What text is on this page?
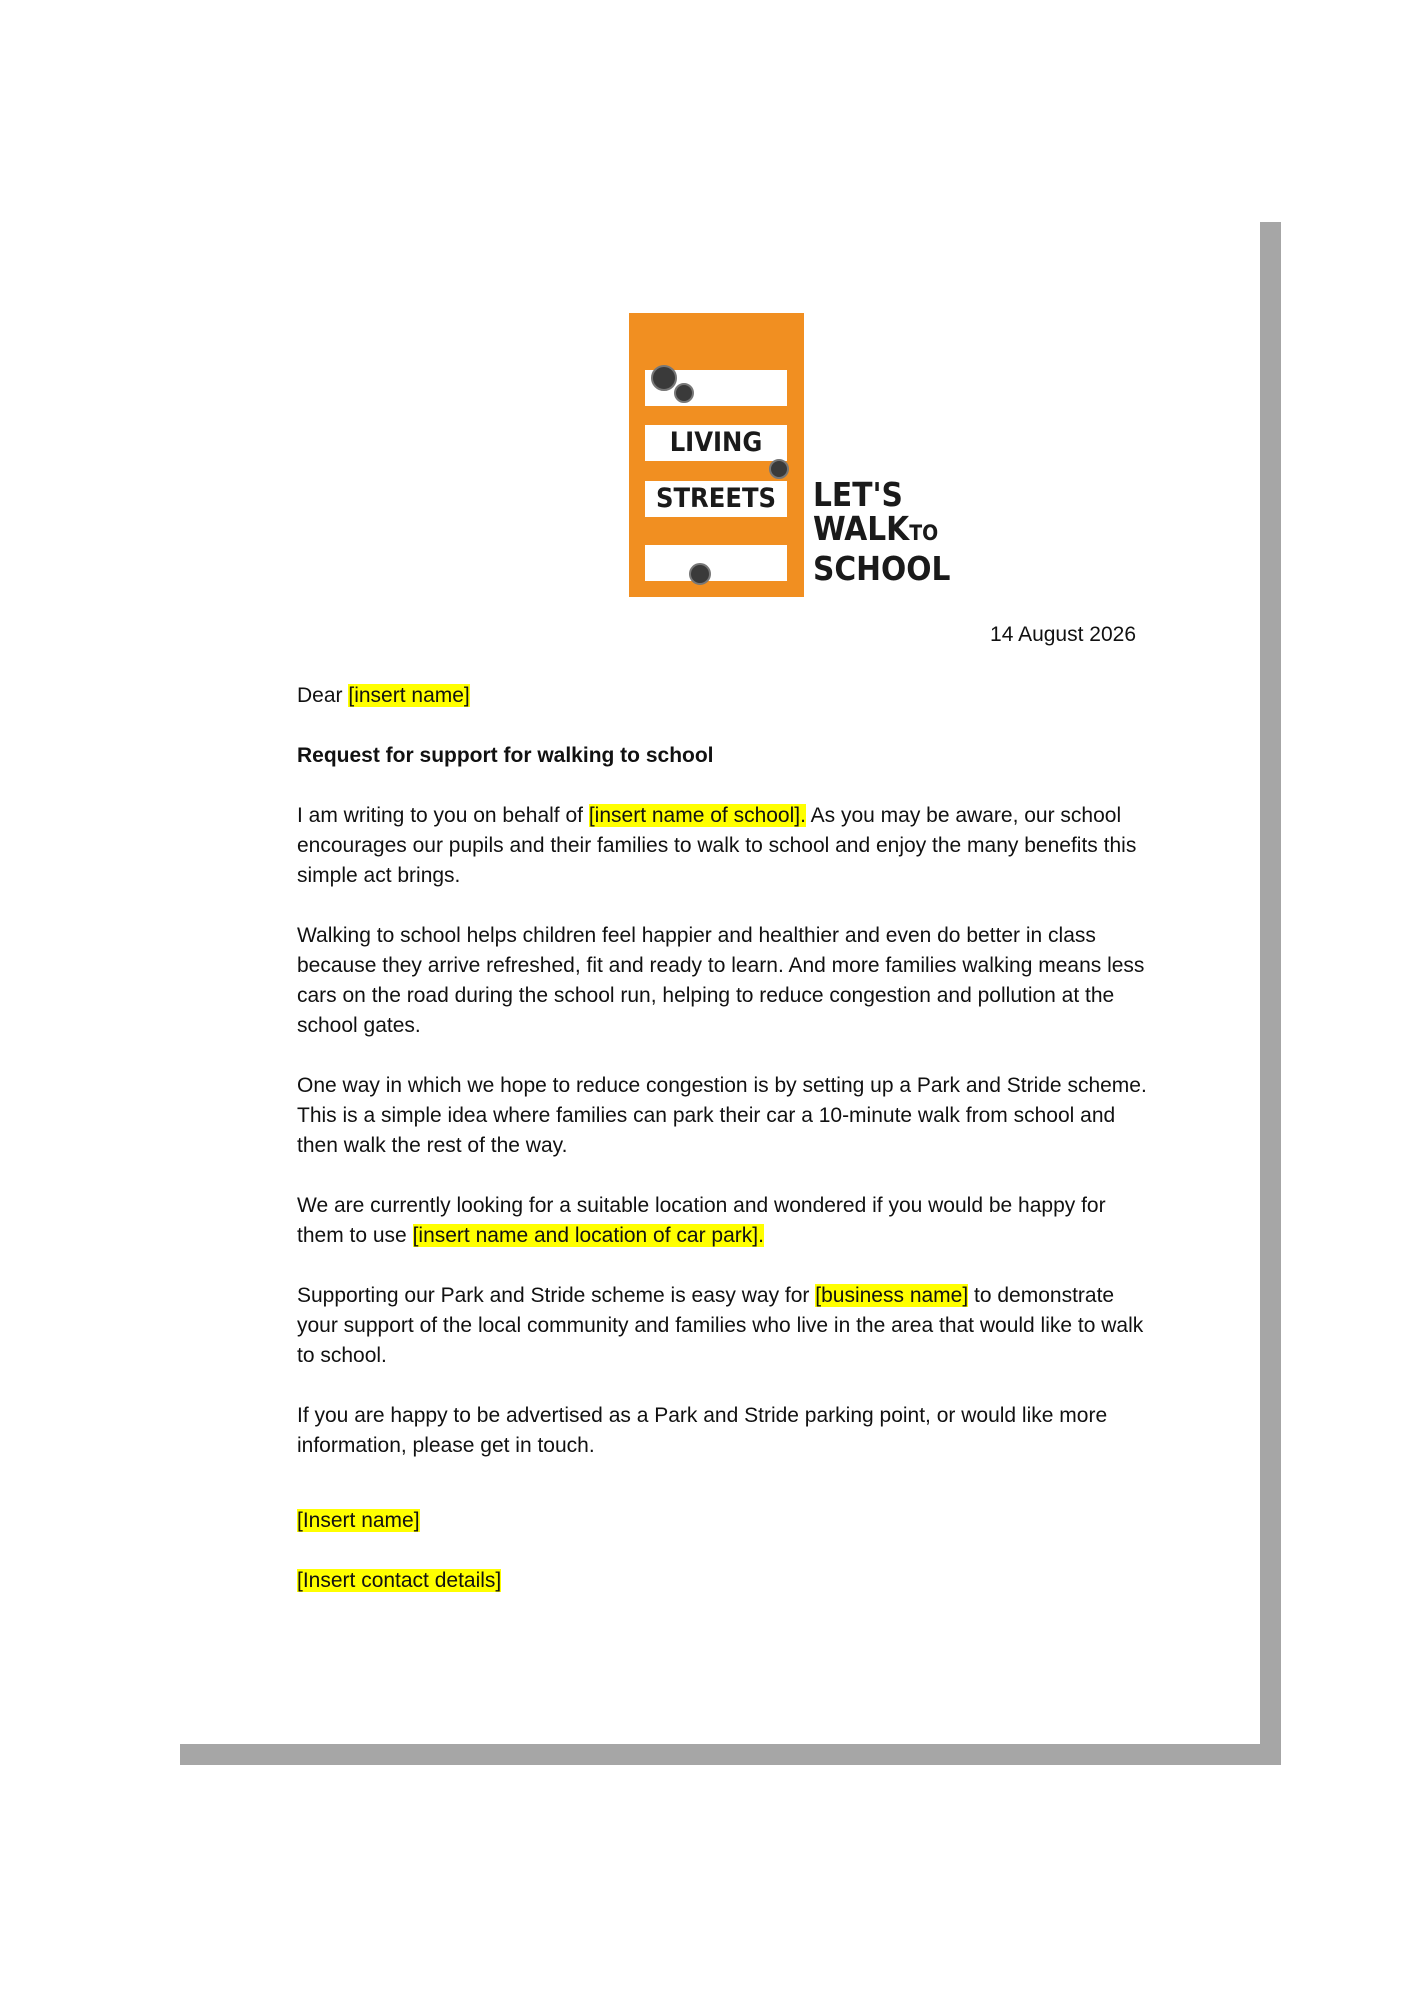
LIVING
STREETS	LET'S
WALKTO
SCHOOL
14 August 2026

Dear [insert name]

Request for support for walking to school

I am writing to you on behalf of [insert name of school]. As you may be aware, our school encourages our pupils and their families to walk to school and enjoy the many benefits this simple act brings.

Walking to school helps children feel happier and healthier and even do better in class because they arrive refreshed, fit and ready to learn. And more families walking means less cars on the road during the school run, helping to reduce congestion and pollution at the school gates.

One way in which we hope to reduce congestion is by setting up a Park and Stride scheme. This is a simple idea where families can park their car a 10-minute walk from school and then walk the rest of the way.

We are currently looking for a suitable location and wondered if you would be happy for them to use [insert name and location of car park].

Supporting our Park and Stride scheme is easy way for [business name] to demonstrate your support of the local community and families who live in the area that would like to walk to school.

If you are happy to be advertised as a Park and Stride parking point, or would like more information, please get in touch.

[Insert name]

[Insert contact details]
